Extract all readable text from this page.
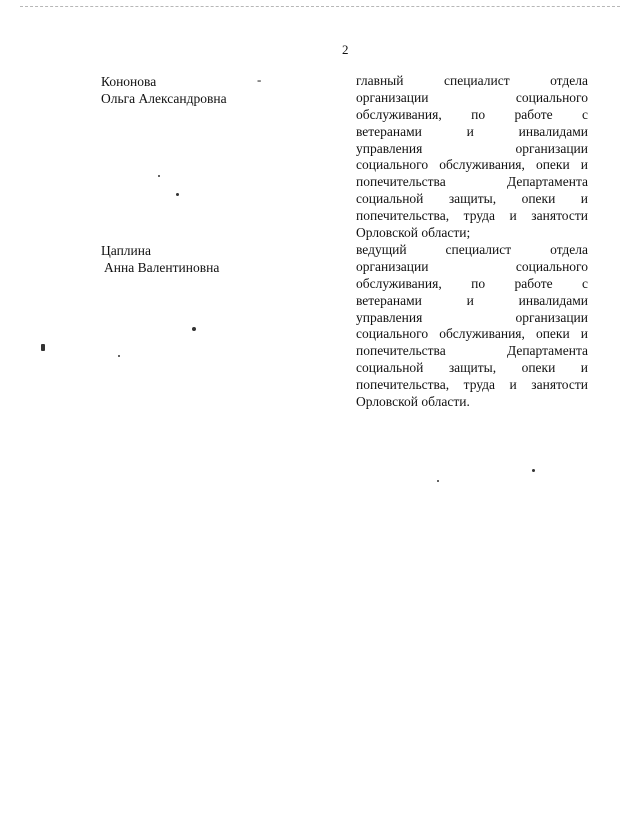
2
Кононова
Ольга Александровна
-	главный специалист отдела
организации социального
обслуживания, по работе с
ветеранами и инвалидами
управления организации
социального обслуживания, опеки и
попечительства Департамента
социальной защиты, опеки и
попечительства, труда и занятости
Орловской области;
Цаплина
Анна Валентиновна
ведущий специалист отдела
организации социального
обслуживания, по работе с
ветеранами и инвалидами
управления организации
социального обслуживания, опеки и
попечительства Департамента
социальной защиты, опеки и
попечительства, труда и занятости
Орловской области.
